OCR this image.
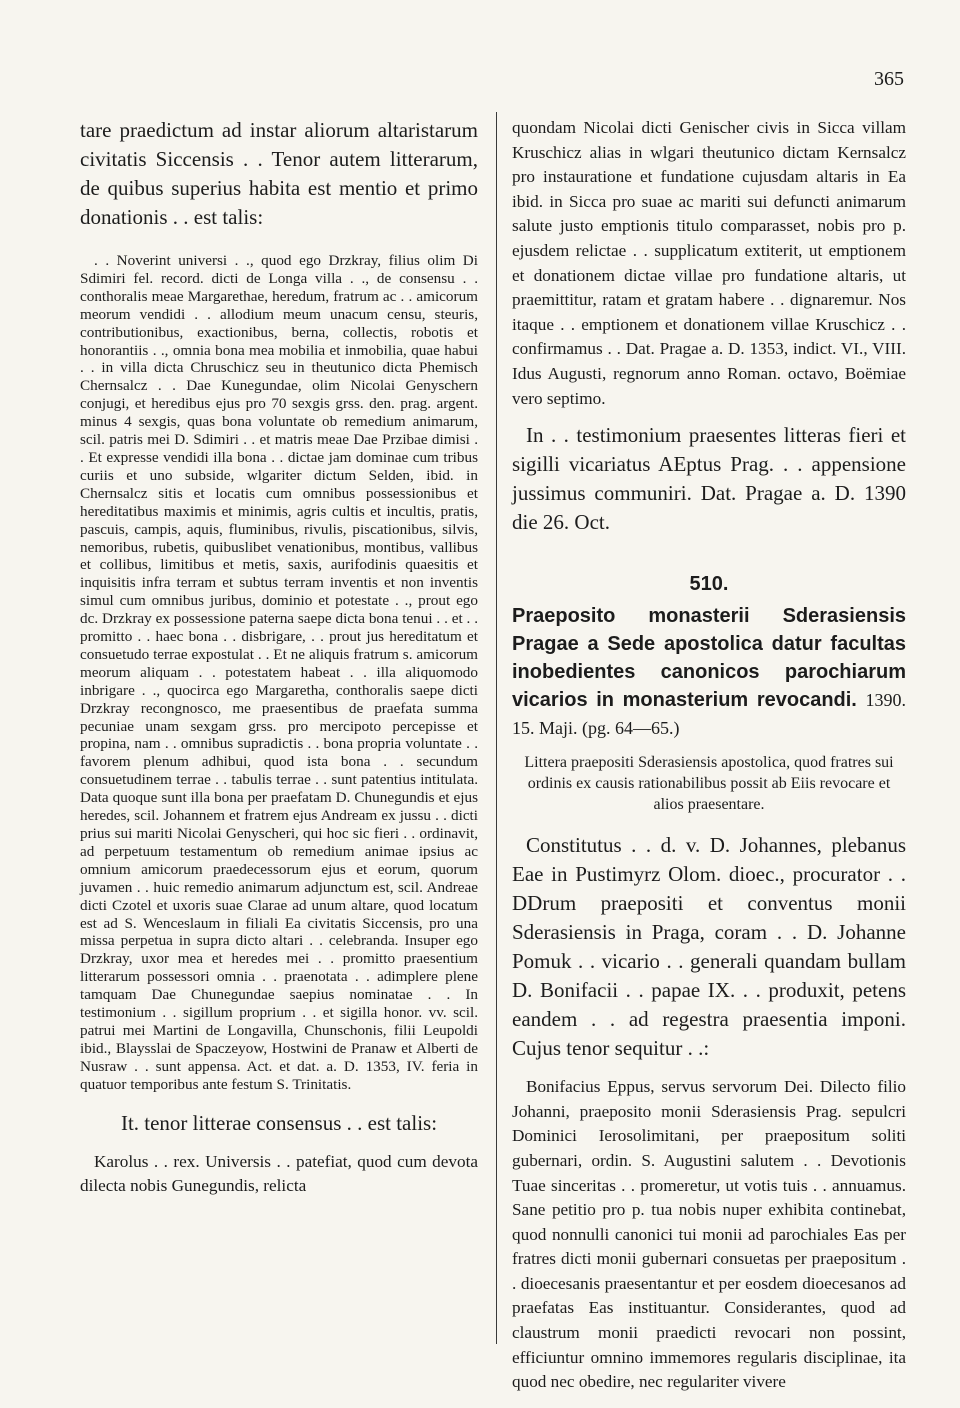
365

tare praedictum ad instar aliorum altaristarum civitatis Siccensis . . Tenor autem litterarum, de quibus superius habita est mentio et primo donationis . . est talis:

. . Noverint universi . ., quod ego Drzkray, filius olim Di Sdimiri fel. record. dicti de Longa villa . ., de consensu . . conthoralis meae Margarethae, heredum, fratrum ac . . amicorum meorum vendidi . . allodium meum unacum censu, steuris, contributionibus, exactionibus, berna, collectis, robotis et honorantiis . ., omnia bona mea mobilia et inmobilia, quae habui . . in villa dicta Chruschicz seu in theutunico dicta Phemisch Chernsalcz . . Dae Kunegundae, olim Nicolai Genyschern conjugi, et heredibus ejus pro 70 sexgis grss. den. prag. argent. minus 4 sexgis, quas bona voluntate ob remedium animarum, scil. patris mei D. Sdimiri . . et matris meae Dae Przibae dimisi . . Et expresse vendidi illa bona . . dictae jam dominae cum tribus curiis et uno subside, wlgariter dictum Selden, ibid. in Chernsalcz sitis et locatis cum omnibus possessionibus et hereditatibus maximis et minimis, agris cultis et incultis, pratis, pascuis, campis, aquis, fluminibus, rivulis, piscationibus, silvis, nemoribus, rubetis, quibuslibet venationibus, montibus, vallibus et collibus, limitibus et metis, saxis, aurifodinis quaesitis et inquisitis infra terram et subtus terram inventis et non inventis simul cum omnibus juribus, dominio et potestate . ., prout ego dc. Drzkray ex possessione paterna saepe dicta bona tenui . . et . . promitto . . haec bona . . disbrigare, . . prout jus hereditatum et consuetudo terrae expostulat . . Et ne aliquis fratrum s. amicorum meorum aliquam . . potestatem habeat . . illa aliquomodo inbrigare . ., quocirca ego Margaretha, conthoralis saepe dicti Drzkray recongnosco, me praesentibus de praefata summa pecuniae unam sexgam grss. pro mercipoto percepisse et propina, nam . . omnibus supradictis . . bona propria voluntate . . favorem plenum adhibui, quod ista bona . . secundum consuetudinem terrae . . tabulis terrae . . sunt patentius intitulata. Data quoque sunt illa bona per praefatam D. Chunegundis et ejus heredes, scil. Johannem et fratrem ejus Andream ex jussu . . dicti prius sui mariti Nicolai Genyscheri, qui hoc sic fieri . . ordinavit, ad perpetuum testamentum ob remedium animae ipsius ac omnium amicorum praedecessorum ejus et eorum, quorum juvamen . . huic remedio animarum adjunctum est, scil. Andreae dicti Czotel et uxoris suae Clarae ad unum altare, quod locatum est ad S. Wenceslaum in filiali Ea civitatis Siccensis, pro una missa perpetua in supra dicto altari . . celebranda. Insuper ego Drzkray, uxor mea et heredes mei . . promitto praesentium litterarum possessori omnia . . praenotata . . adimplere plene tamquam Dae Chunegundae saepius nominatae . . In testimonium . . sigillum proprium . . et sigilla honor. vv. scil. patrui mei Martini de Longavilla, Chunschonis, filii Leupoldi ibid., Blaysslai de Spaczeyow, Hostwini de Pranaw et Alberti de Nusraw . . sunt appensa. Act. et dat. a. D. 1353, IV. feria in quatuor temporibus ante festum S. Trinitatis.

It. tenor litterae consensus . . est talis:

Karolus . . rex. Universis . . patefiat, quod cum devota dilecta nobis Gunegundis, relicta

quondam Nicolai dicti Genischer civis in Sicca villam Kruschicz alias in wlgari theutunico dictam Kernsalcz pro instauratione et fundatione cujusdam altaris in Ea ibid. in Sicca pro suae ac mariti sui defuncti animarum salute justo emptionis titulo comparasset, nobis pro p. ejusdem relictae . . supplicatum extiterit, ut emptionem et donationem dictae villae pro fundatione altaris, ut praemittitur, ratam et gratam habere . . dignaremur. Nos itaque . . emptionem et donationem villae Kruschicz . . confirmamus . . Dat. Pragae a. D. 1353, indict. VI., VIII. Idus Augusti, regnorum anno Roman. octavo, Boëmiae vero septimo.

In . . testimonium praesentes litteras fieri et sigilli vicariatus AEptus Prag. . . appensione jussimus communiri. Dat. Pragae a. D. 1390 die 26. Oct.

510.

Praeposito monasterii Sderasiensis Pragae a Sede apostolica datur facultas inobedientes canonicos parochiarum vicarios in monasterium revocandi. 1390. 15. Maji. (pg. 64—65.)

Littera praepositi Sderasiensis apostolica, quod fratres sui ordinis ex causis rationabilibus possit ab Eiis revocare et alios praesentare.

Constitutus . . d. v. D. Johannes, plebanus Eae in Pustimyrz Olom. dioec., procurator . . DDrum praepositi et conventus monii Sderasiensis in Praga, coram . . D. Johanne Pomuk . . vicario . . generali quandam bullam D. Bonifacii . . papae IX. . . produxit, petens eandem . . ad regestra praesentia imponi. Cujus tenor sequitur . .:

Bonifacius Eppus, servus servorum Dei. Dilecto filio Johanni, praeposito monii Sderasiensis Prag. sepulcri Dominici Ierosolimitani, per praepositum soliti gubernari, ordin. S. Augustini salutem . . Devotionis Tuae sinceritas . . promeretur, ut votis tuis . . annuamus. Sane petitio pro p. tua nobis nuper exhibita continebat, quod nonnulli canonici tui monii ad parochiales Eas per fratres dicti monii gubernari consuetas per praepositum . . dioecesanis praesentantur et per eosdem dioecesanos ad praefatas Eas instituantur. Considerantes, quod ad claustrum monii praedicti revocari non possint, efficiuntur omnino immemores regularis disciplinae, ita quod nec obedire, nec regulariter vivere
